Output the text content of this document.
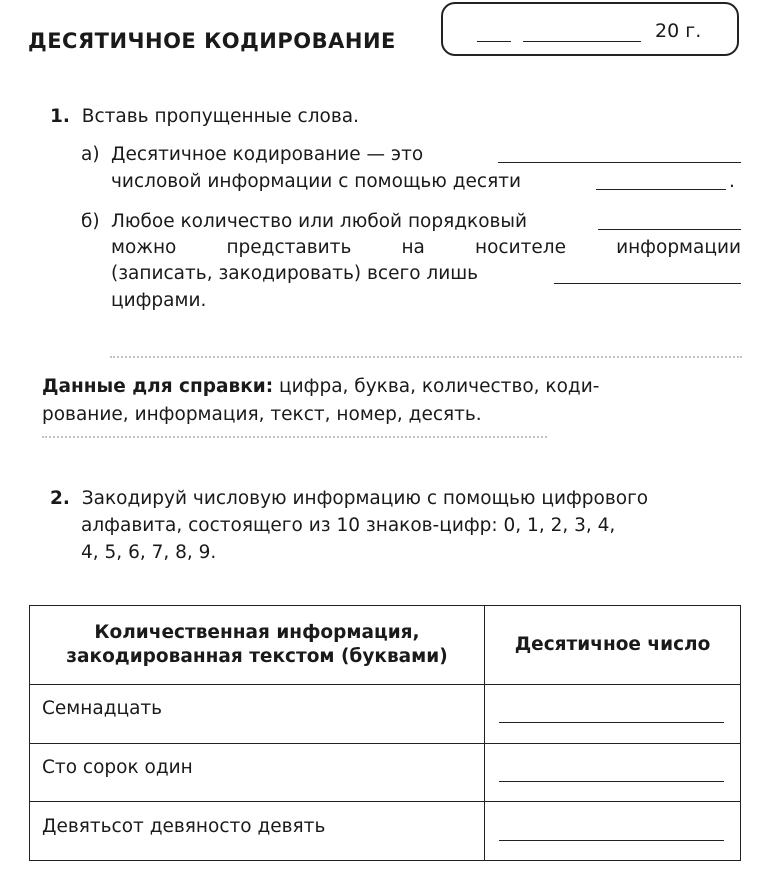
ДЕСЯТИЧНОЕ КОДИРОВАНИЕ	20 г.
1. Вставь пропущенные слова.
а) Десятичное кодирование — это
числовой информации с помощью десяти	.
б) Любое количество или любой порядковый
можно	представить	на	носителе	информации
(записать, закодировать) всего лишь
цифрами.
Данные для справки: цифра, буква, количество, коди-
рование, информация, текст, номер, десять.
2. Закодируй числовую информацию с помощью цифрового
алфавита, состоящего из 10 знаков-цифр: 0, 1, 2, 3, 4,
4, 5, 6, 7, 8, 9.
Количественная информация,
закодированная текстом (буквами)	Десятичное число
Семнадцать	

Сто сорок один	

Девятьсот девяносто девять	
